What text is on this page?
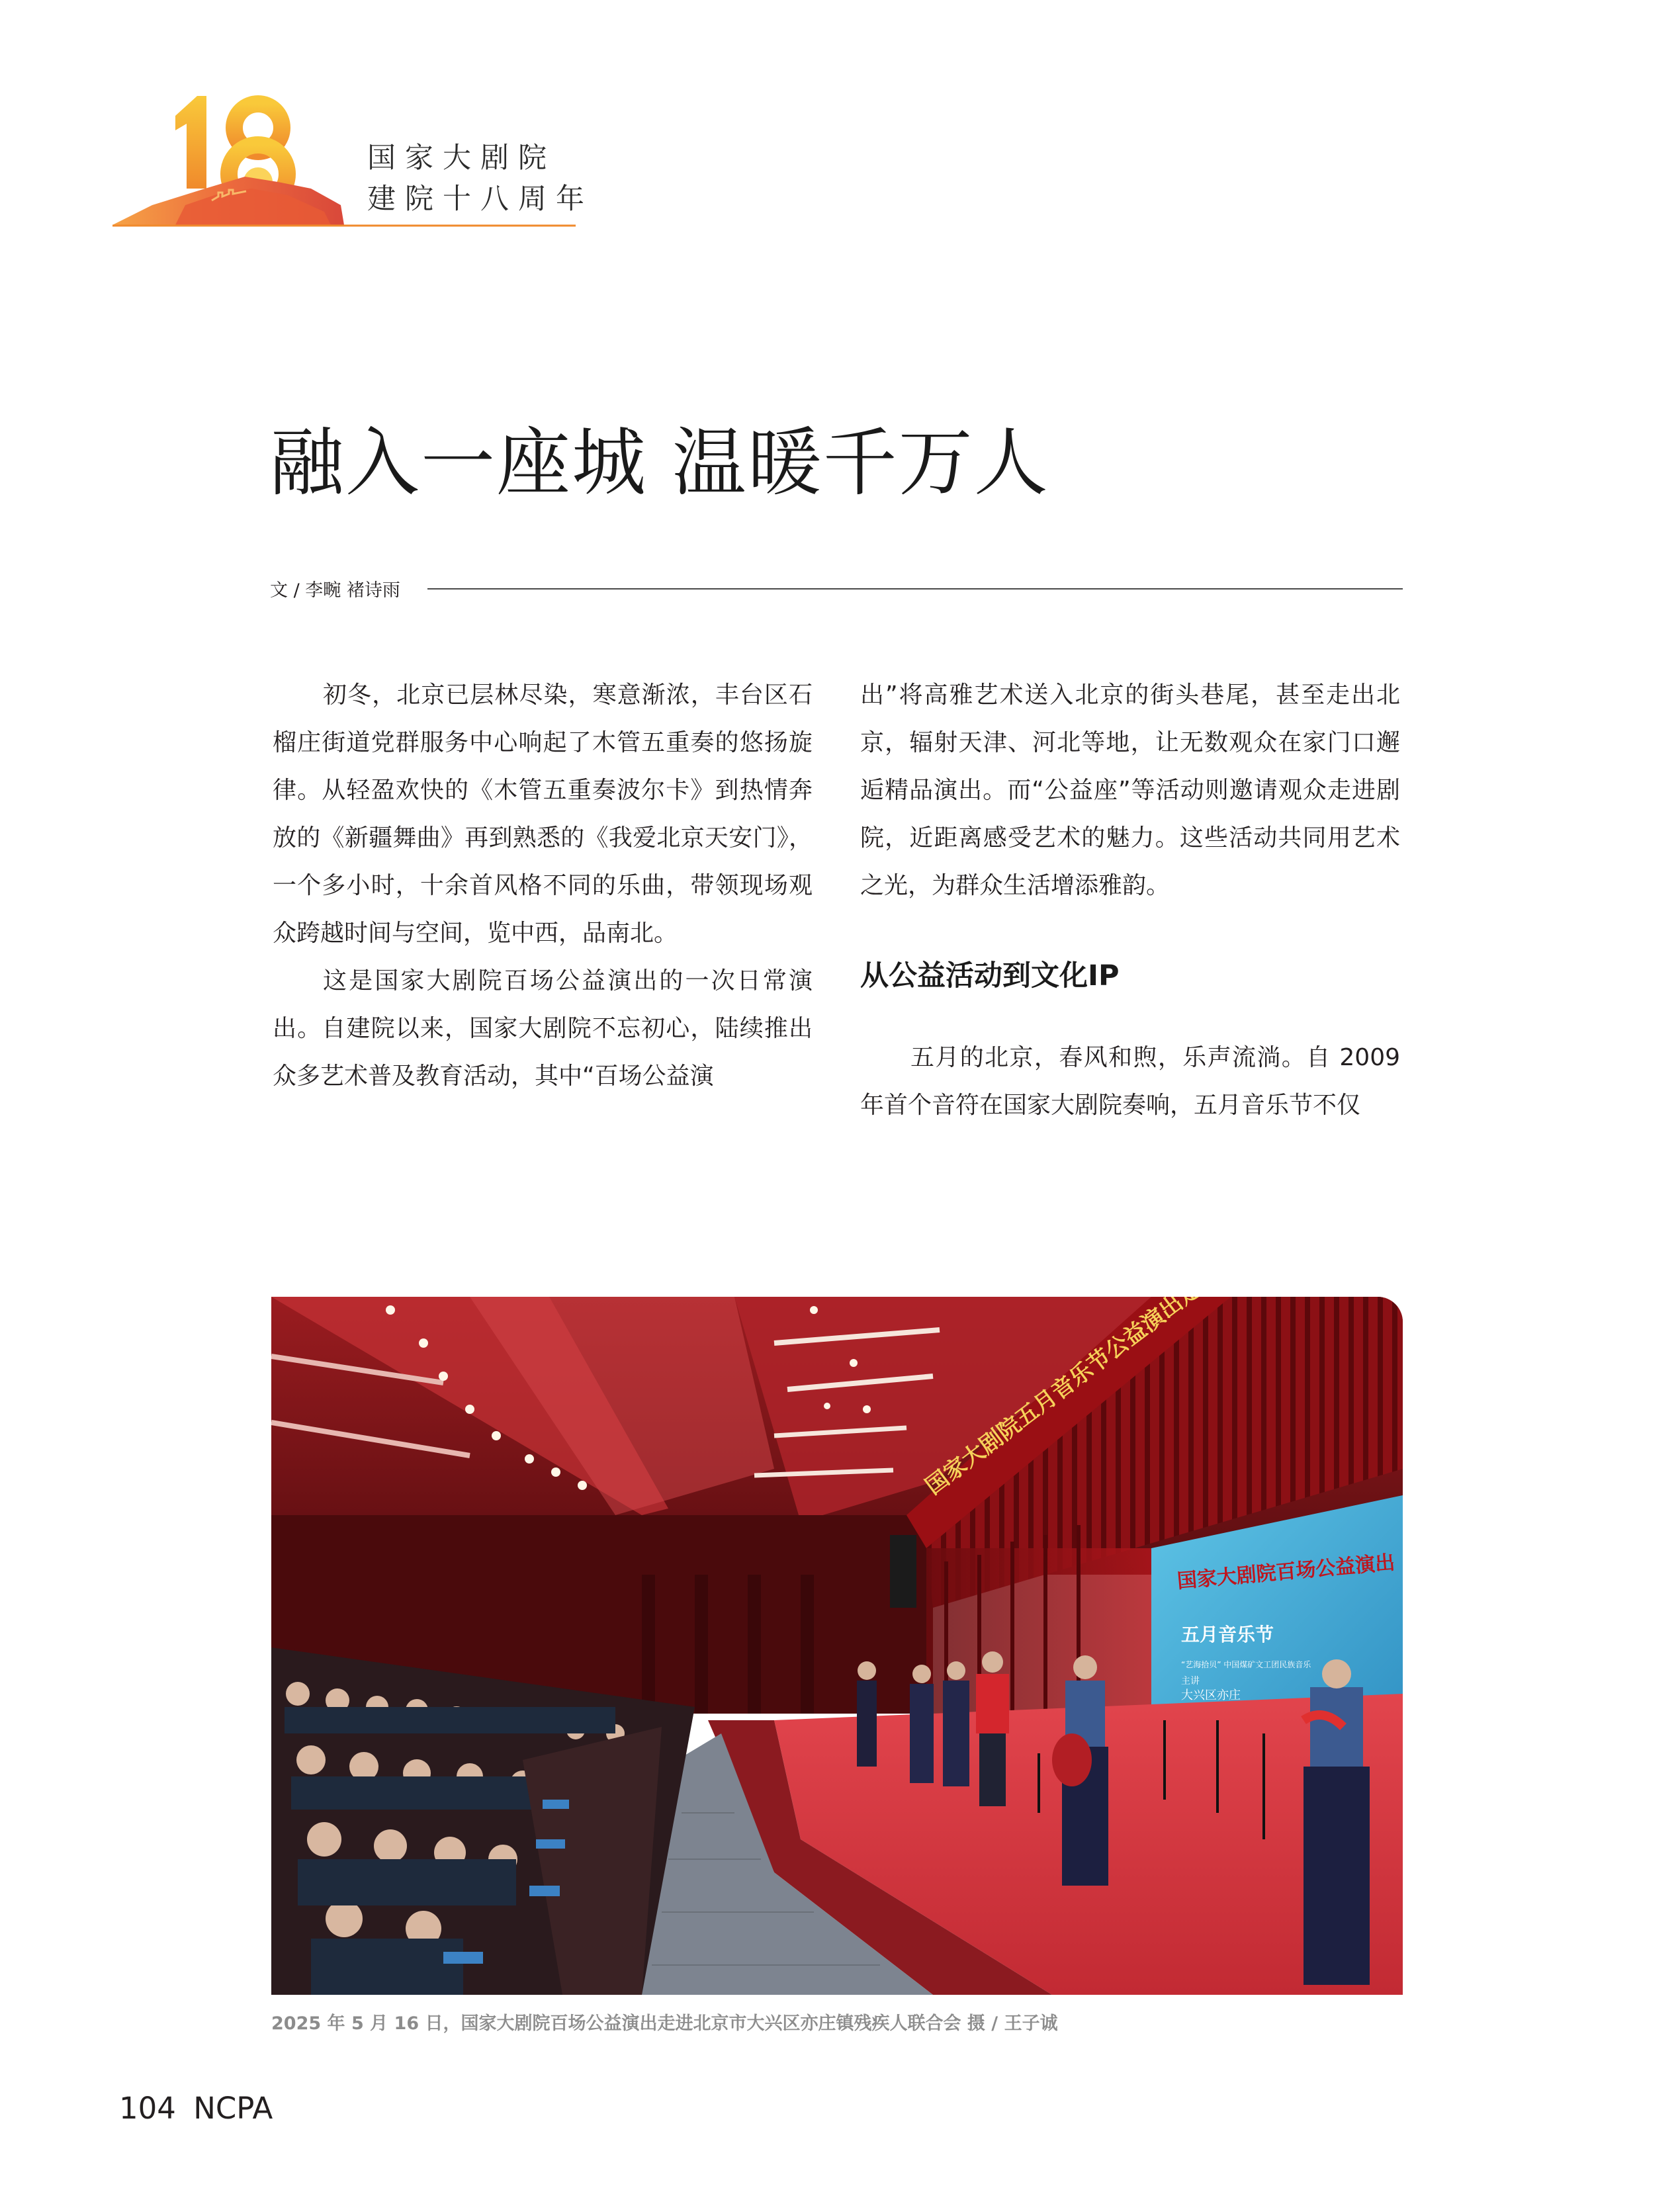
国家大剧院
建院十八周年
融入一座城 温暖千万人
文 / 李畹 褚诗雨

初冬，北京已层林尽染，寒意渐浓，丰台区石榴庄街道党群服务中心响起了木管五重奏的悠扬旋律。从轻盈欢快的《木管五重奏波尔卡》到热情奔放的《新疆舞曲》再到熟悉的《我爱北京天安门》，一个多小时，十余首风格不同的乐曲，带领现场观众跨越时间与空间，览中西，品南北。

这是国家大剧院百场公益演出的一次日常演出。自建院以来，国家大剧院不忘初心，陆续推出众多艺术普及教育活动，其中“百场公益演

出”将高雅艺术送入北京的街头巷尾，甚至走出北京，辐射天津、河北等地，让无数观众在家门口邂逅精品演出。而“公益座”等活动则邀请观众走进剧院，近距离感受艺术的魅力。这些活动共同用艺术之光，为群众生活增添雅韵。

从公益活动到文化IP

五月的北京，春风和煦，乐声流淌。自 2009 年首个音符在国家大剧院奏响，五月音乐节不仅

国家大剧院百场公益演出
五月音乐节
“艺海拾贝” 中国煤矿文工团民族音乐
主讲
大兴区亦庄
2025 年 5 月 16 日，国家大剧院百场公益演出走进北京市大兴区亦庄镇残疾人联合会 摄 / 王子诚
104 NCPA
